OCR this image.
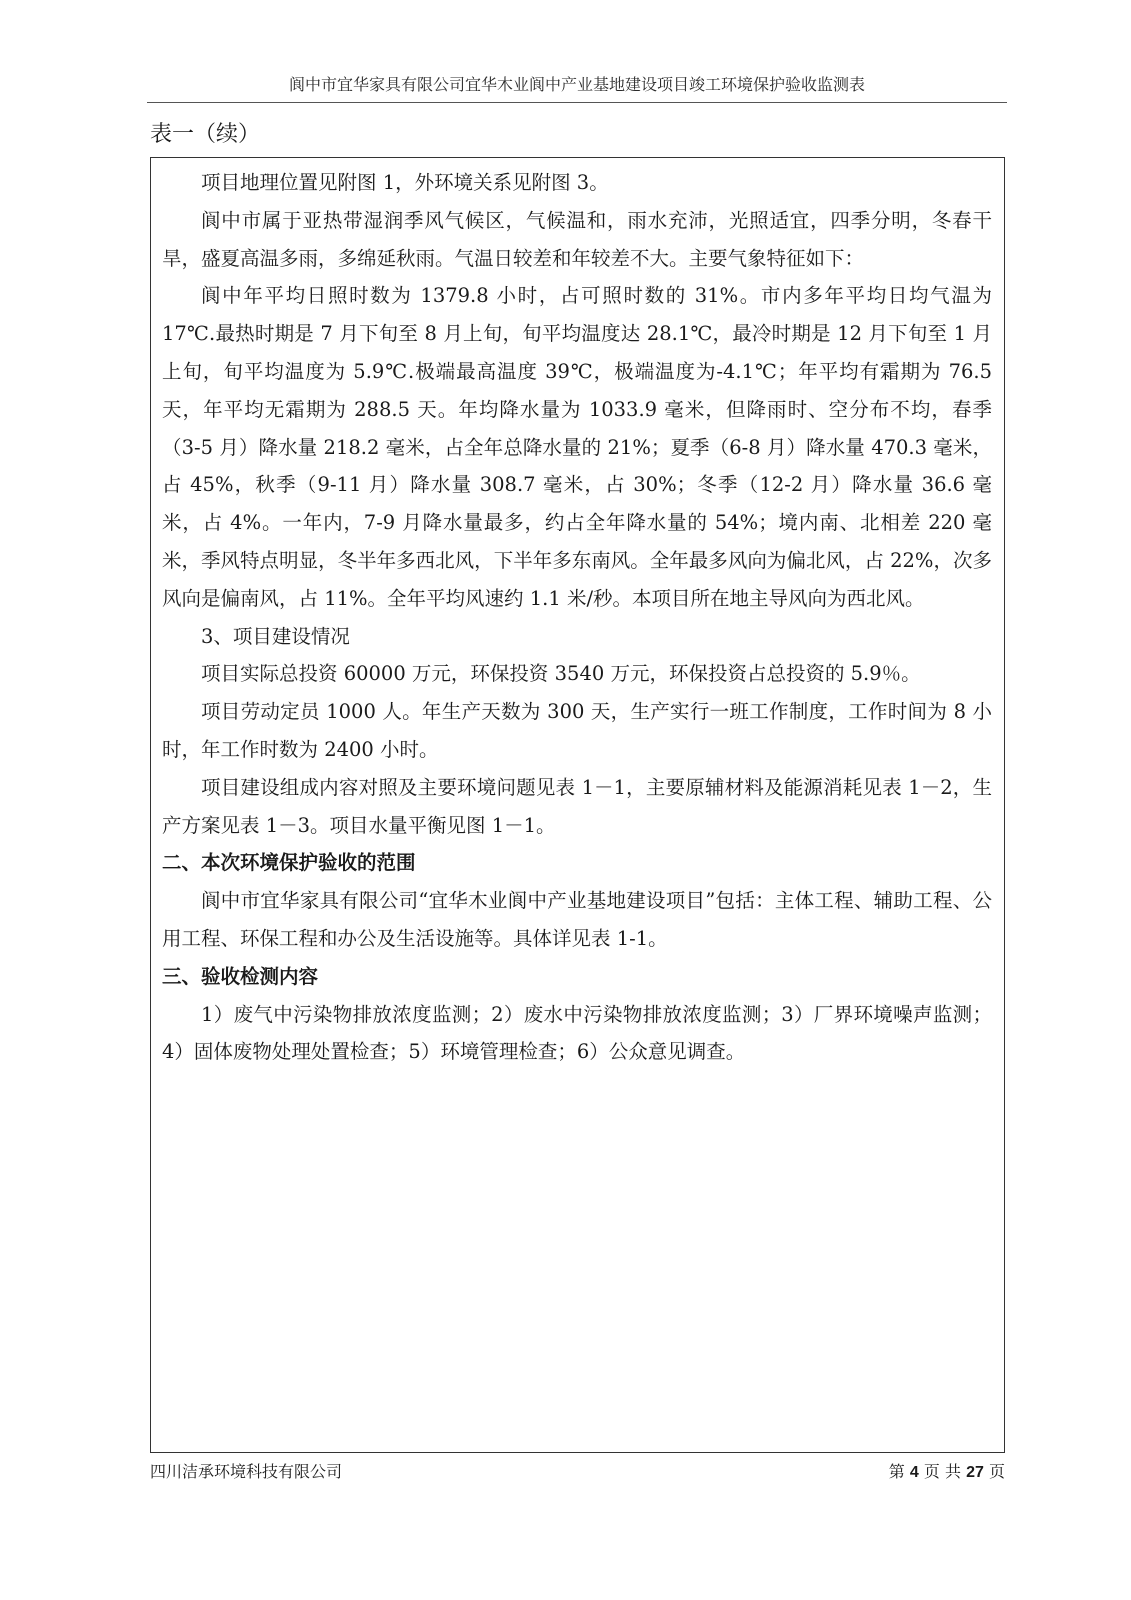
阆中市宜华家具有限公司宜华木业阆中产业基地建设项目竣工环境保护验收监测表
表一（续）

项目地理位置见附图 1，外环境关系见附图 3。

阆中市属于亚热带湿润季风气候区，气候温和，雨水充沛，光照适宜，四季分明，冬春干旱，盛夏高温多雨，多绵延秋雨。气温日较差和年较差不大。主要气象特征如下：

阆中年平均日照时数为 1379.8 小时，占可照时数的 31%。市内多年平均日均气温为 17℃.最热时期是 7 月下旬至 8 月上旬，旬平均温度达 28.1℃，最冷时期是 12 月下旬至 1 月上旬，旬平均温度为 5.9℃.极端最高温度 39℃，极端温度为-4.1℃；年平均有霜期为 76.5 天，年平均无霜期为 288.5 天。年均降水量为 1033.9 毫米，但降雨时、空分布不均，春季（3-5 月）降水量 218.2 毫米，占全年总降水量的 21%；夏季（6-8 月）降水量 470.3 毫米，占 45%，秋季（9-11 月）降水量 308.7 毫米，占 30%；冬季（12-2 月）降水量 36.6 毫米，占 4%。一年内，7-9 月降水量最多，约占全年降水量的 54%；境内南、北相差 220 毫米，季风特点明显，冬半年多西北风，下半年多东南风。全年最多风向为偏北风，占 22%，次多风向是偏南风，占 11%。全年平均风速约 1.1 米/秒。本项目所在地主导风向为西北风。

3、项目建设情况

项目实际总投资 60000 万元，环保投资 3540 万元，环保投资占总投资的 5.9％。

项目劳动定员 1000 人。年生产天数为 300 天，生产实行一班工作制度，工作时间为 8 小时，年工作时数为 2400 小时。

项目建设组成内容对照及主要环境问题见表 1－1，主要原辅材料及能源消耗见表 1－2，生产方案见表 1－3。项目水量平衡见图 1－1。

二、本次环境保护验收的范围

阆中市宜华家具有限公司“宜华木业阆中产业基地建设项目”包括：主体工程、辅助工程、公用工程、环保工程和办公及生活设施等。具体详见表 1-1。

三、验收检测内容

1）废气中污染物排放浓度监测；2）废水中污染物排放浓度监测；3）厂界环境噪声监测；4）固体废物处理处置检查；5）环境管理检查；6）公众意见调查。

四川洁承环境科技有限公司	第 4 页 共 27 页
